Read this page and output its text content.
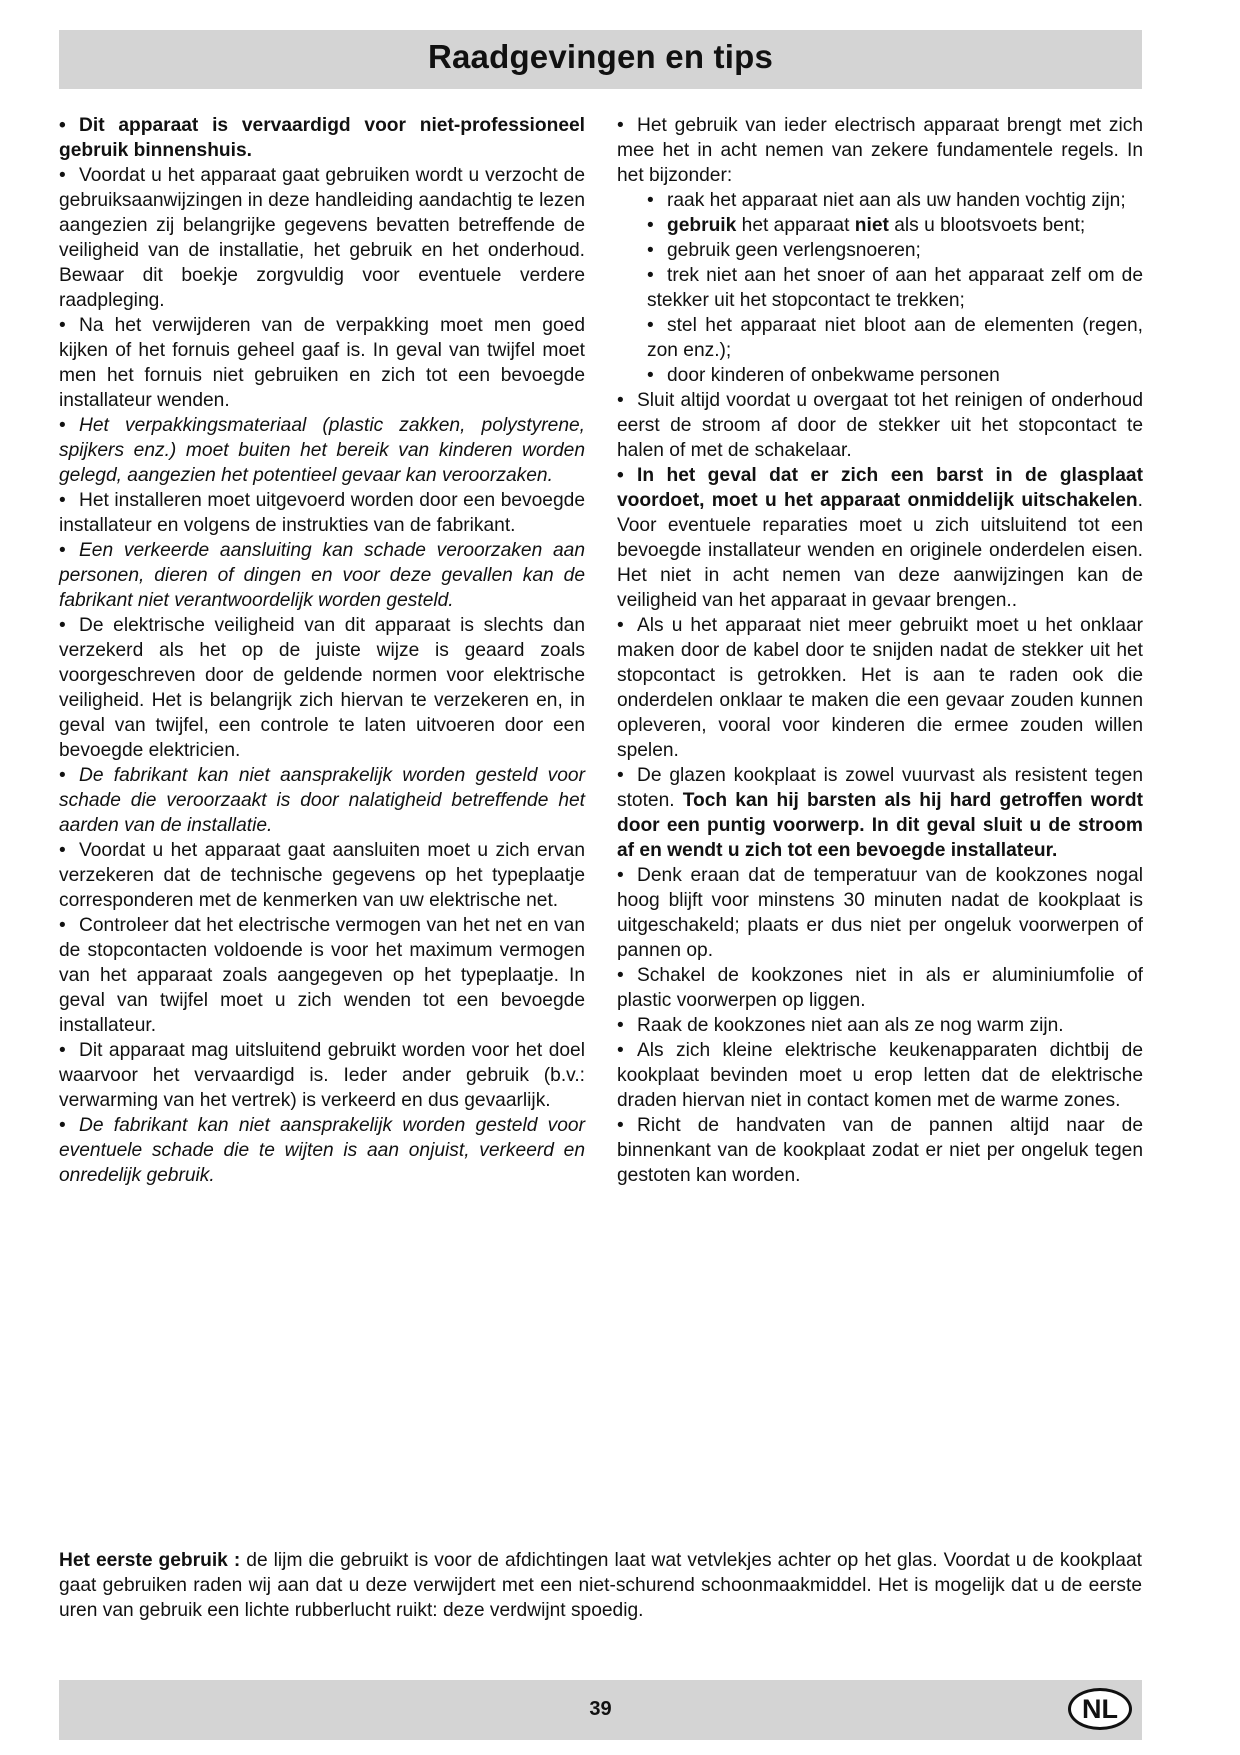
Raadgevingen en tips
• Dit apparaat is vervaardigd voor niet-professioneel gebruik binnenshuis.
• Voordat u het apparaat gaat gebruiken wordt u verzocht de gebruiksaanwijzingen in deze handleiding aandachtig te lezen aangezien zij belangrijke gegevens bevatten betreffende de veiligheid van de installatie, het gebruik en het onderhoud. Bewaar dit boekje zorgvuldig voor eventuele verdere raadpleging.
• Na het verwijderen van de verpakking moet men goed kijken of het fornuis geheel gaaf is. In geval van twijfel moet men het fornuis niet gebruiken en zich tot een bevoegde installateur wenden.
• Het verpakkingsmateriaal (plastic zakken, polystyrene, spijkers enz.) moet buiten het bereik van kinderen worden gelegd, aangezien het potentieel gevaar kan veroorzaken.
• Het installeren moet uitgevoerd worden door een bevoegde installateur en volgens de instrukties van de fabrikant.
• Een verkeerde aansluiting kan schade veroorzaken aan personen, dieren of dingen en voor deze gevallen kan de fabrikant niet verantwoordelijk worden gesteld.
• De elektrische veiligheid van dit apparaat is slechts dan verzekerd als het op de juiste wijze is geaard zoals voorgeschreven door de geldende normen voor elektrische veiligheid. Het is belangrijk zich hiervan te verzekeren en, in geval van twijfel, een controle te laten uitvoeren door een bevoegde elektricien.
• De fabrikant kan niet aansprakelijk worden gesteld voor schade die veroorzaakt is door nalatigheid betreffende het aarden van de installatie.
• Voordat u het apparaat gaat aansluiten moet u zich ervan verzekeren dat de technische gegevens op het typeplaatje corresponderen met de kenmerken van uw elektrische net.
• Controleer dat het electrische vermogen van het net en van de stopcontacten voldoende is voor het maximum vermogen van het apparaat zoals aangegeven op het typeplaatje. In geval van twijfel moet u zich wenden tot een bevoegde installateur.
• Dit apparaat mag uitsluitend gebruikt worden voor het doel waarvoor het vervaardigd is. Ieder ander gebruik (b.v.: verwarming van het vertrek) is verkeerd en dus gevaarlijk.
• De fabrikant kan niet aansprakelijk worden gesteld voor eventuele schade die te wijten is aan onjuist, verkeerd en onredelijk gebruik.
• Het gebruik van ieder electrisch apparaat brengt met zich mee het in acht nemen van zekere fundamentele regels. In het bijzonder:
• raak het apparaat niet aan als uw handen vochtig zijn;
• gebruik het apparaat niet als u blootsvoets bent;
• gebruik geen verlengsnoeren;
• trek niet aan het snoer of aan het apparaat zelf om de stekker uit het stopcontact te trekken;
• stel het apparaat niet bloot aan de elementen (regen, zon enz.);
• door kinderen of onbekwame personen
• Sluit altijd voordat u overgaat tot het reinigen of onderhoud eerst de stroom af door de stekker uit het stopcontact te halen of met de schakelaar.
• In het geval dat er zich een barst in de glasplaat voordoet, moet u het apparaat onmiddelijk uitschakelen. Voor eventuele reparaties moet u zich uitsluitend tot een bevoegde installateur wenden en originele onderdelen eisen. Het niet in acht nemen van deze aanwijzingen kan de veiligheid van het apparaat in gevaar brengen..
• Als u het apparaat niet meer gebruikt moet u het onklaar maken door de kabel door te snijden nadat de stekker uit het stopcontact is getrokken. Het is aan te raden ook die onderdelen onklaar te maken die een gevaar zouden kunnen opleveren, vooral voor kinderen die ermee zouden willen spelen.
• De glazen kookplaat is zowel vuurvast als resistent tegen stoten. Toch kan hij barsten als hij hard getroffen wordt door een puntig voorwerp. In dit geval sluit u de stroom af en wendt u zich tot een bevoegde installateur.
• Denk eraan dat de temperatuur van de kookzones nogal hoog blijft voor minstens 30 minuten nadat de kookplaat is uitgeschakeld; plaats er dus niet per ongeluk voorwerpen of pannen op.
• Schakel de kookzones niet in als er aluminiumfolie of plastic voorwerpen op liggen.
• Raak de kookzones niet aan als ze nog warm zijn.
• Als zich kleine elektrische keukenapparaten dichtbij de kookplaat bevinden moet u erop letten dat de elektrische draden hiervan niet in contact komen met de warme zones.
• Richt de handvaten van de pannen altijd naar de binnenkant van de kookplaat zodat er niet per ongeluk tegen gestoten kan worden.
Het eerste gebruik : de lijm die gebruikt is voor de afdichtingen laat wat vetvlekjes achter op het glas. Voordat u de kookplaat gaat gebruiken raden wij aan dat u deze verwijdert met een niet-schurend schoonmaakmiddel. Het is mogelijk dat u de eerste uren van gebruik een lichte rubberlucht ruikt: deze verdwijnt spoedig.
39	NL
